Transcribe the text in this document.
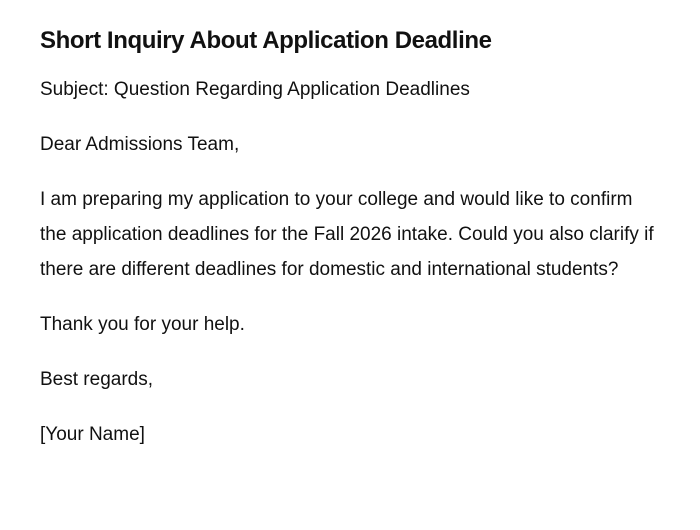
Short Inquiry About Application Deadline

Subject: Question Regarding Application Deadlines

Dear Admissions Team,

I am preparing my application to your college and would like to confirm the application deadlines for the Fall 2026 intake. Could you also clarify if there are different deadlines for domestic and international students?

Thank you for your help.

Best regards,

[Your Name]
